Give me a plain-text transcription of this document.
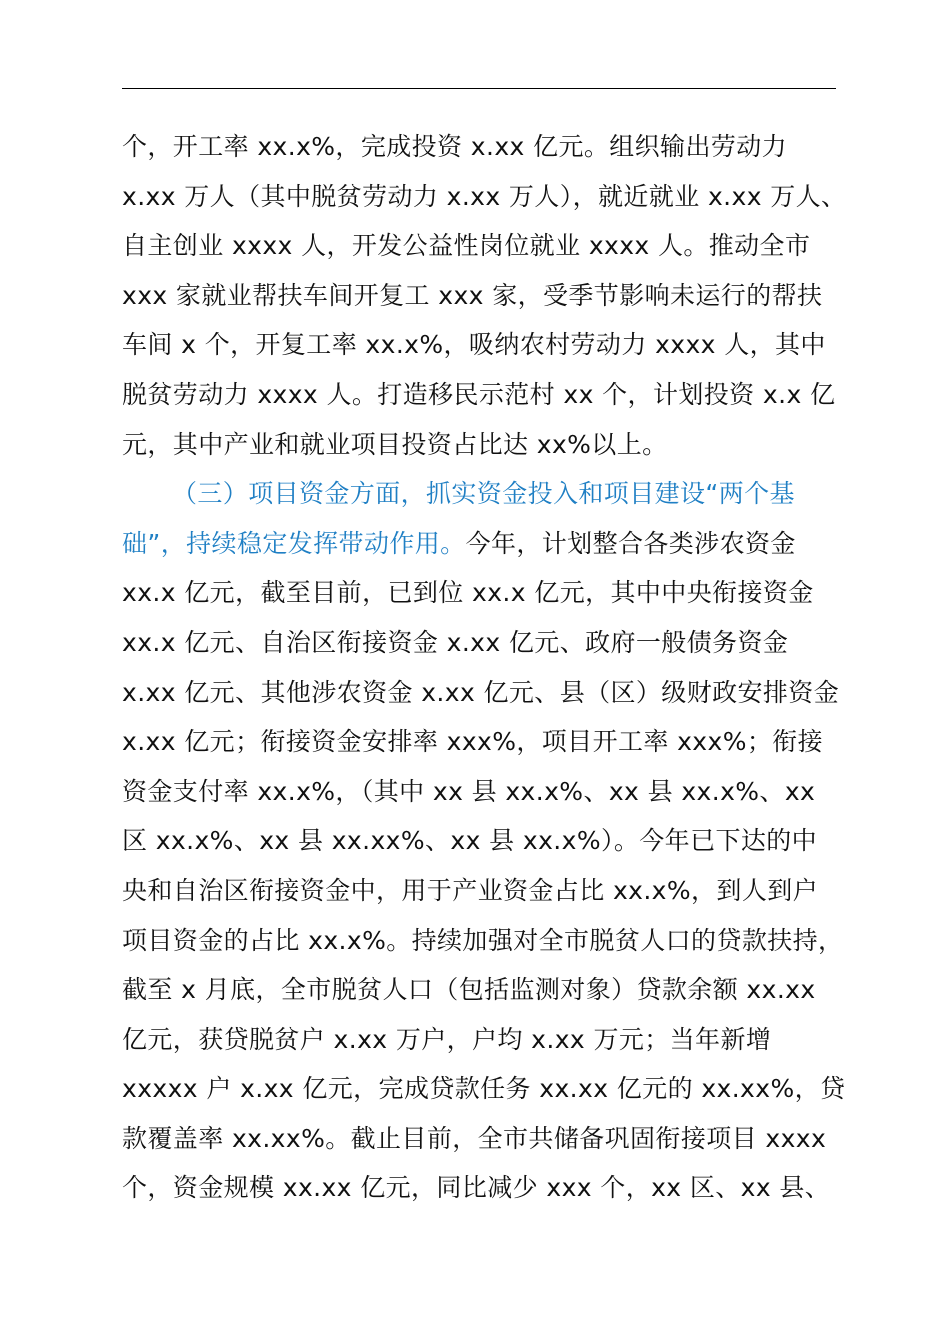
个，开工率 xx.x%，完成投资 x.xx 亿元。组织输出劳动力
x.xx 万人（其中脱贫劳动力 x.xx 万人），就近就业 x.xx 万人、
自主创业 xxxx 人，开发公益性岗位就业 xxxx 人。推动全市
xxx 家就业帮扶车间开复工 xxx 家，受季节影响未运行的帮扶
车间 x 个，开复工率 xx.x%，吸纳农村劳动力 xxxx 人，其中
脱贫劳动力 xxxx 人。打造移民示范村 xx 个，计划投资 x.x 亿
元，其中产业和就业项目投资占比达 xx%以上。
（三）项目资金方面，抓实资金投入和项目建设“两个基
础”，持续稳定发挥带动作用。今年，计划整合各类涉农资金
xx.x 亿元，截至目前，已到位 xx.x 亿元，其中中央衔接资金
xx.x 亿元、自治区衔接资金 x.xx 亿元、政府一般债务资金
x.xx 亿元、其他涉农资金 x.xx 亿元、县（区）级财政安排资金
x.xx 亿元；衔接资金安排率 xxx%，项目开工率 xxx%；衔接
资金支付率 xx.x%，（其中 xx 县 xx.x%、xx 县 xx.x%、xx
区 xx.x%、xx 县 xx.xx%、xx 县 xx.x%）。今年已下达的中
央和自治区衔接资金中，用于产业资金占比 xx.x%，到人到户
项目资金的占比 xx.x%。持续加强对全市脱贫人口的贷款扶持，
截至 x 月底，全市脱贫人口（包括监测对象）贷款余额 xx.xx
亿元，获贷脱贫户 x.xx 万户，户均 x.xx 万元；当年新增
xxxxx 户 x.xx 亿元，完成贷款任务 xx.xx 亿元的 xx.xx%，贷
款覆盖率 xx.xx%。截止目前，全市共储备巩固衔接项目 xxxx
个，资金规模 xx.xx 亿元，同比减少 xxx 个，xx 区、xx 县、
